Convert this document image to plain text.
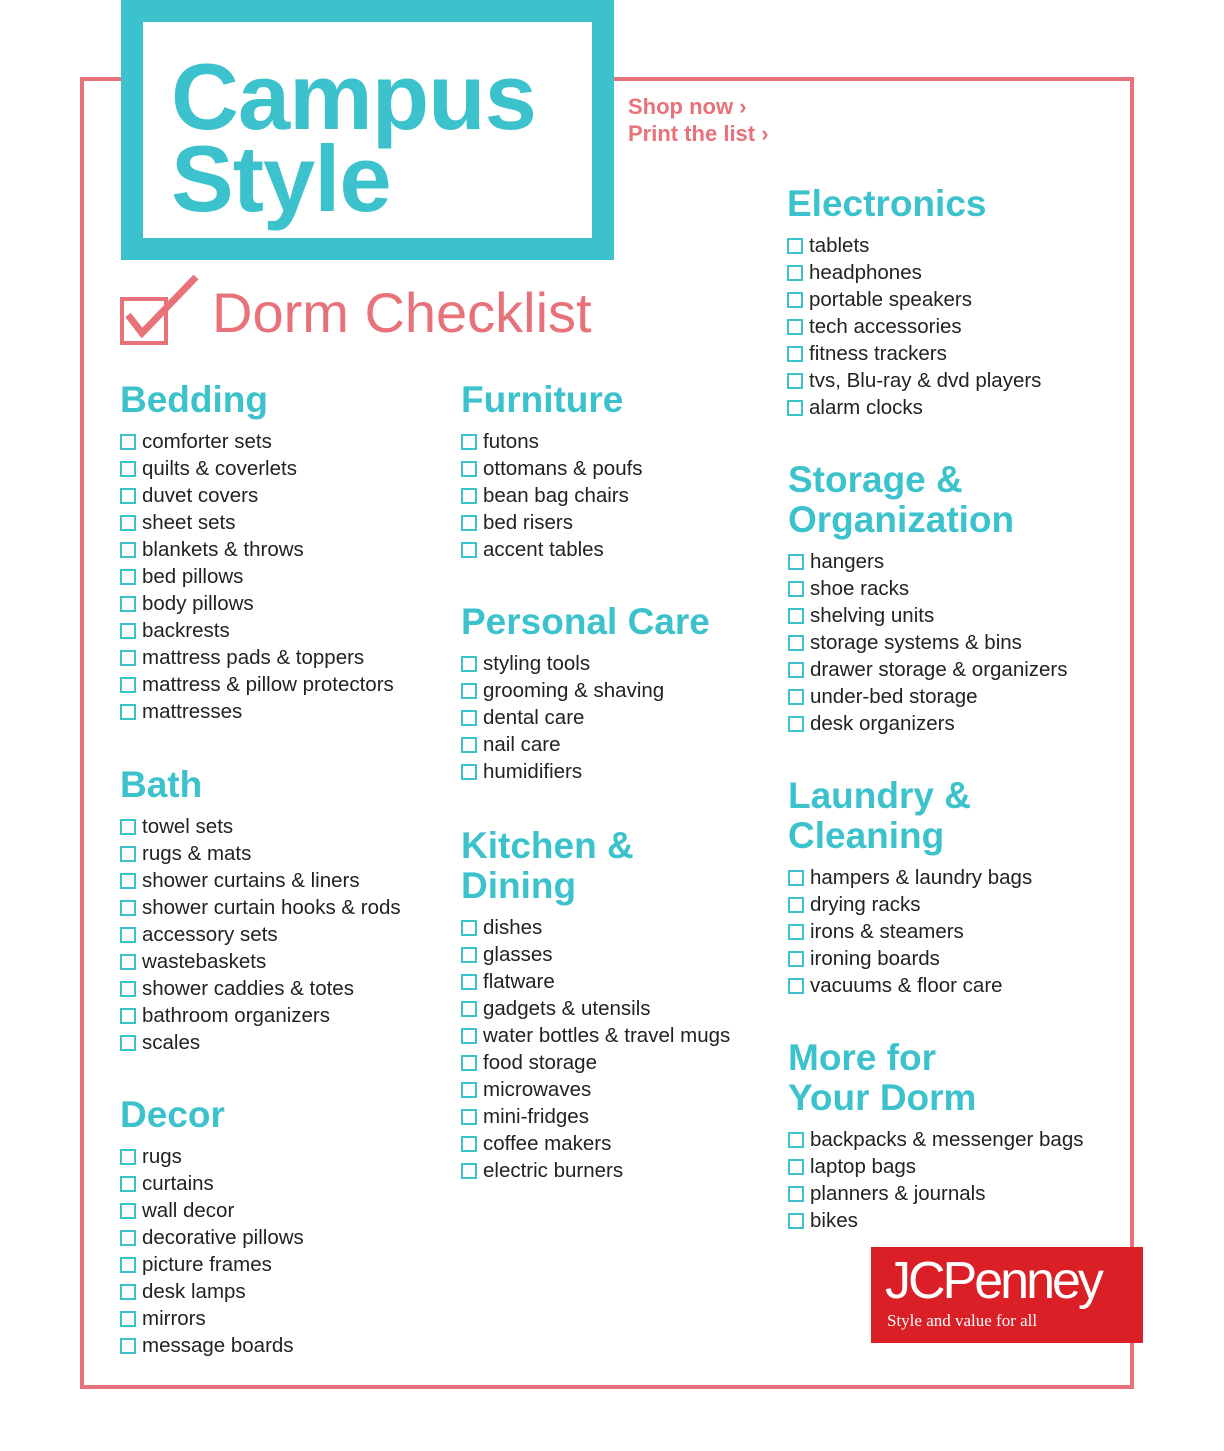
Campus
Style
Shop now ›
Print the list ›
Dorm Checklist
Bedding
comforter sets
quilts & coverlets
duvet covers
sheet sets
blankets & throws
bed pillows
body pillows
backrests
mattress pads & toppers
mattress & pillow protectors
mattresses
Bath
towel sets
rugs & mats
shower curtains & liners
shower curtain hooks & rods
accessory sets
wastebaskets
shower caddies & totes
bathroom organizers
scales
Decor
rugs
curtains
wall decor
decorative pillows
picture frames
desk lamps
mirrors
message boards
Furniture
futons
ottomans & poufs
bean bag chairs
bed risers
accent tables
Personal Care
styling tools
grooming & shaving
dental care
nail care
humidifiers
Kitchen &
Dining
dishes
glasses
flatware
gadgets & utensils
water bottles & travel mugs
food storage
microwaves
mini-fridges
coffee makers
electric burners
Electronics
tablets
headphones
portable speakers
tech accessories
fitness trackers
tvs, Blu-ray & dvd players
alarm clocks
Storage &
Organization
hangers
shoe racks
shelving units
storage systems & bins
drawer storage & organizers
under-bed storage
desk organizers
Laundry &
Cleaning
hampers & laundry bags
drying racks
irons & steamers
ironing boards
vacuums & floor care
More for
Your Dorm
backpacks & messenger bags
laptop bags
planners & journals
bikes
JCPenney
Style and value for all
